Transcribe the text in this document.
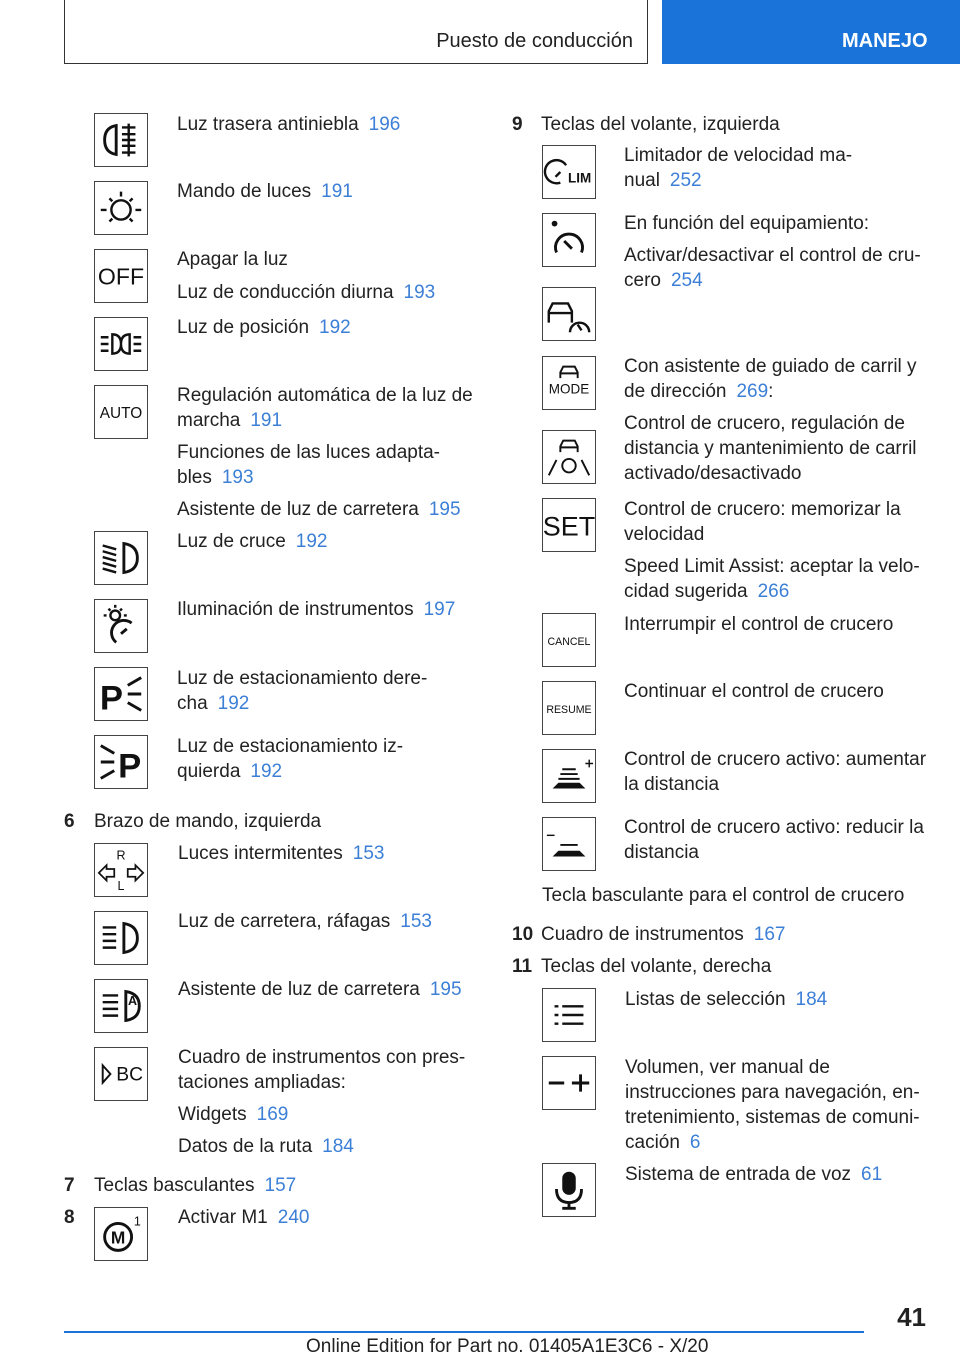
Puesto de conducción	MANEJO
Luz trasera antiniebla 196
Mando de luces 191
OFF
Apagar la luz
Luz de conducción diurna 193
Luz de posición 192
AUTO
Regulación automática de la luz de
marcha 191
Funciones de las luces adapta-
bles 193
Asistente de luz de carretera 195
Luz de cruce 192
Iluminación de instrumentos 197
P
Luz de estacionamiento dere-
cha 192
P
Luz de estacionamiento iz-
quierda 192
6 Brazo de mando, izquierda
R
L
Luces intermitentes 153
Luz de carretera, ráfagas 153
A
Asistente de luz de carretera 195
BC
Cuadro de instrumentos con pres-
taciones ampliadas:
Widgets 169
Datos de la ruta 184
7 Teclas basculantes 157
8
M
1 Activar M1 240
9 Teclas del volante, izquierda
LIM
Limitador de velocidad ma-
nual 252
En función del equipamiento:
Activar/desactivar el control de cru-
cero 254
MODE
Con asistente de guiado de carril y
de dirección 269:
Control de crucero, regulación de
distancia y mantenimiento de carril
activado/desactivado
SET
Control de crucero: memorizar la
velocidad
Speed Limit Assist: aceptar la velo-
cidad sugerida 266
CANCEL
Interrumpir el control de crucero
RESUME
Continuar el control de crucero
Control de crucero activo: aumentar
la distancia
Control de crucero activo: reducir la
distancia
Tecla basculante para el control de crucero
10 Cuadro de instrumentos 167
11 Teclas del volante, derecha
Listas de selección 184
Volumen, ver manual de
instrucciones para navegación, en-
tretenimiento, sistemas de comuni-
cación 6
Sistema de entrada de voz 61
41
Online Edition for Part no. 01405A1E3C6 - X/20
